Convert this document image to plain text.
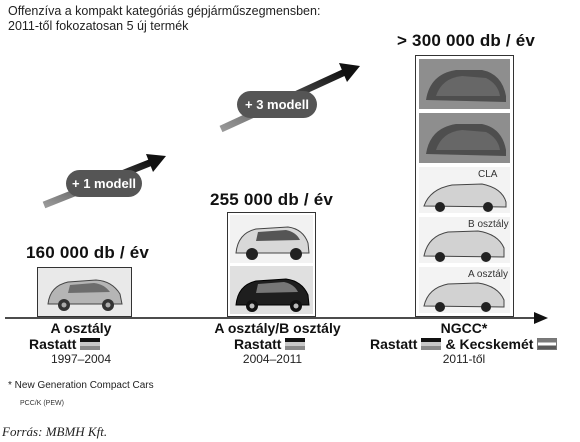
Offenzíva a kompakt kategóriás gépjárműszegmensben:
2011-től fokozatosan 5 új termék
+ 1 modell
+ 3 modell
160 000 db / év
255 000 db / év
> 300 000 db / év
CLA
B osztály
A osztály
A osztály
Rastatt
1997–2004
A osztály/B osztály
Rastatt
2004–2011
NGCC*
Rastatt & Kecskemét
2011-től
* New Generation Compact Cars
PCC/K (PEW)
Forrás: MBMH Kft.
